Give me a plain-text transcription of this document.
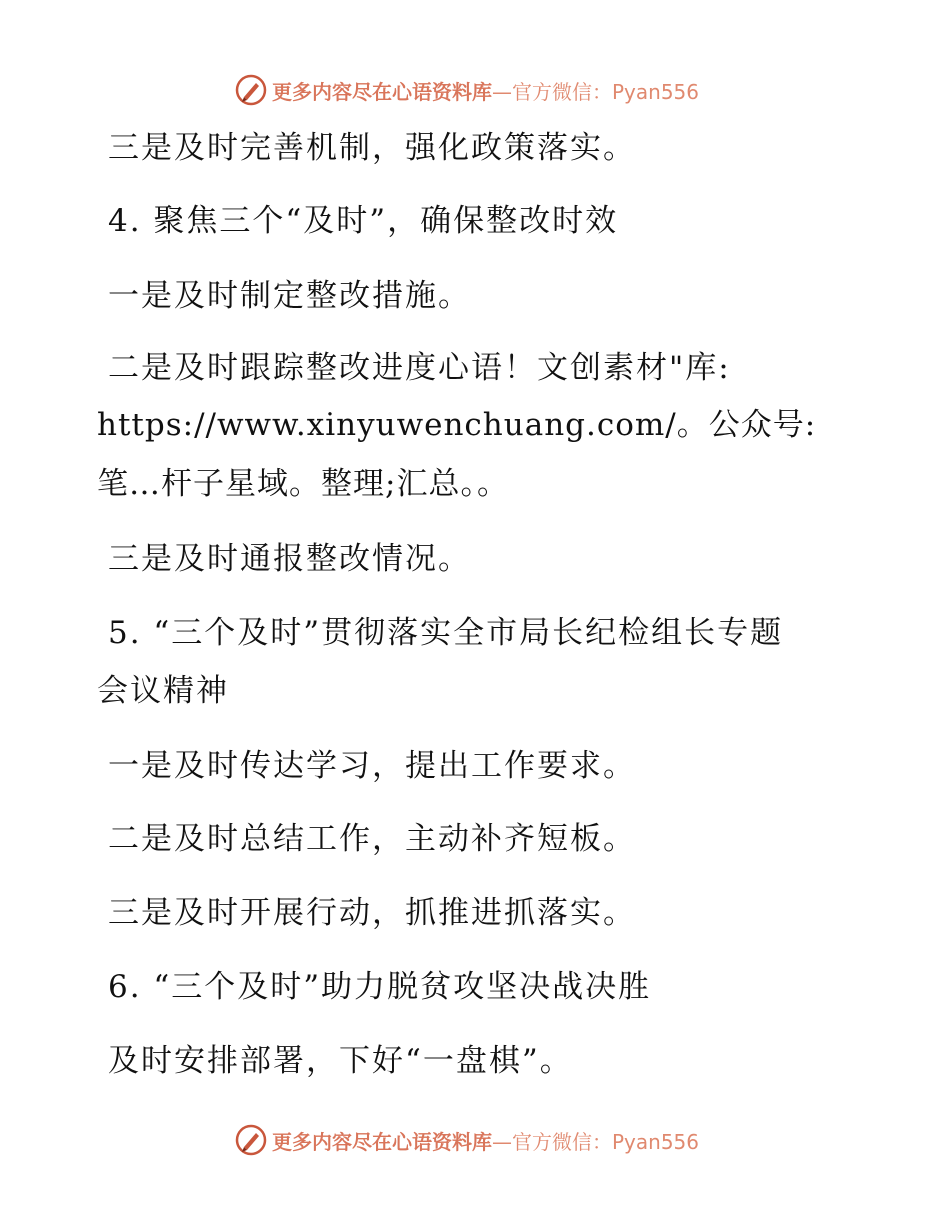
更多内容尽在心语资料库—官方微信：Pyan556
三是及时完善机制，强化政策落实。
4. 聚焦三个“及时”，确保整改时效
一是及时制定整改措施。
二是及时跟踪整改进度心语！文创素材"库:
https://www.xinyuwenchuang.com/。公众号:
笔…杆子星域。整理;汇总。。
三是及时通报整改情况。
5. “三个及时”贯彻落实全市局长纪检组长专题
会议精神
一是及时传达学习，提出工作要求。
二是及时总结工作，主动补齐短板。
三是及时开展行动，抓推进抓落实。
6. “三个及时”助力脱贫攻坚决战决胜
及时安排部署，下好“一盘棋”。
更多内容尽在心语资料库—官方微信：Pyan556
